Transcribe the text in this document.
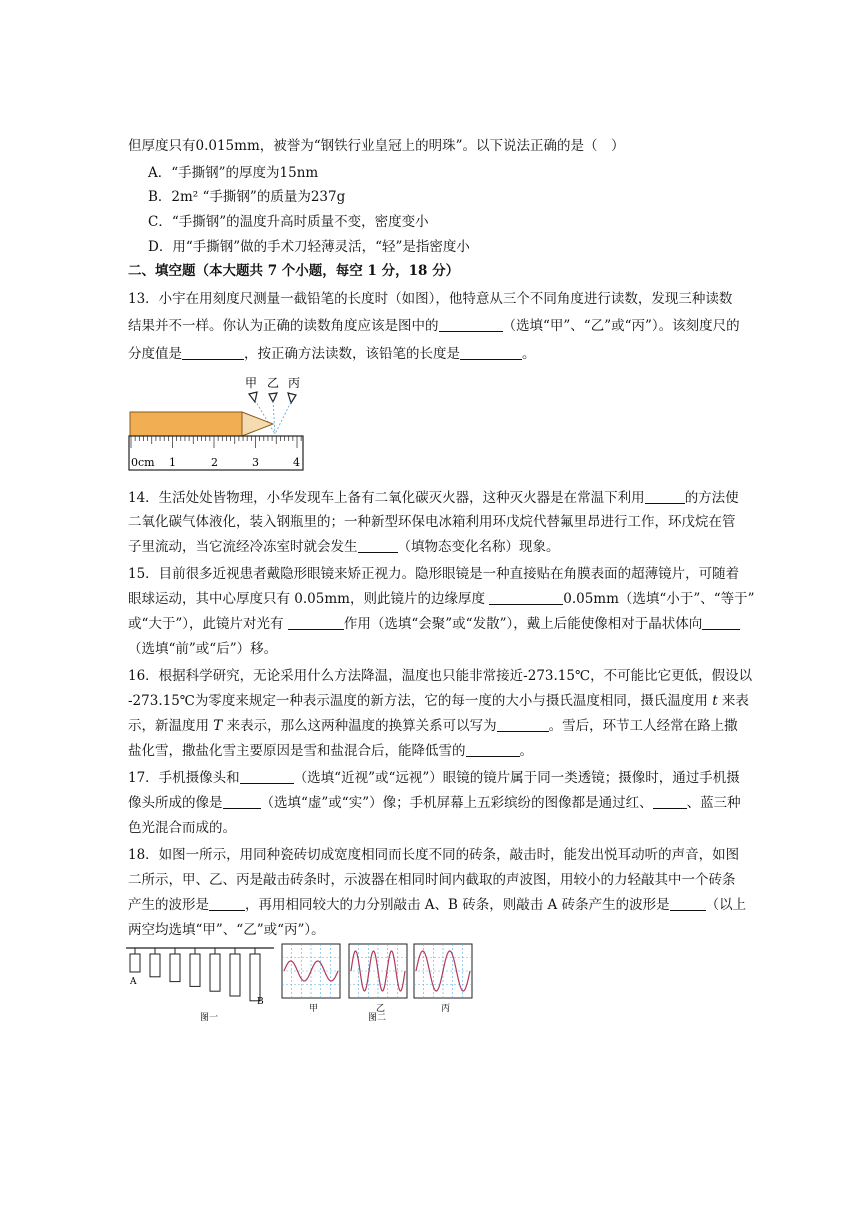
但厚度只有0.015mm，被誉为“钢铁行业皇冠上的明珠”。以下说法正确的是（　）
A．“手撕钢”的厚度为15nm
B．2m² “手撕钢”的质量为237g
C．“手撕钢”的温度升高时质量不变，密度变小
D．用“手撕钢”做的手术刀轻薄灵活，“轻”是指密度小
二、填空题（本大题共 7 个小题，每空 1 分，18 分）
13．小宇在用刻度尺测量一截铅笔的长度时（如图），他特意从三个不同角度进行读数，发现三种读数
结果并不一样。你认为正确的读数角度应该是图中的	（选填“甲”、“乙”或“丙”）。该刻度尺的
分度值是	，按正确方法读数，该铅笔的长度是	。
甲 乙 丙
0cm 1	2	3	4
14．生活处处皆物理，小华发现车上备有二氧化碳灭火器，这种灭火器是在常温下利用	的方法使
二氧化碳气体液化，装入钢瓶里的；一种新型环保电冰箱利用环戊烷代替氟里昂进行工作，环戊烷在管
子里流动，当它流经冷冻室时就会发生	（填物态变化名称）现象。
15．目前很多近视患者戴隐形眼镜来矫正视力。隐形眼镜是一种直接贴在角膜表面的超薄镜片，可随着
眼球运动，其中心厚度只有 0.05mm，则此镜片的边缘厚度	0.05mm（选填“小于”、“等于”
或“大于”），此镜片对光有	作用（选填“会聚”或“发散”），戴上后能使像相对于晶状体向
（选填“前”或“后”）移。
16．根据科学研究，无论采用什么方法降温，温度也只能非常接近-273.15℃，不可能比它更低，假设以
-273.15℃为零度来规定一种表示温度的新方法，它的每一度的大小与摄氏温度相同，摄氏温度用 t 来表
示，新温度用 T 来表示，那么这两种温度的换算关系可以写为	。雪后，环节工人经常在路上撒
盐化雪，撒盐化雪主要原因是雪和盐混合后，能降低雪的	。
17．手机摄像头和	（选填“近视”或“远视”）眼镜的镜片属于同一类透镜；摄像时，通过手机摄
像头所成的像是	（选填“虚”或“实”）像；手机屏幕上五彩缤纷的图像都是通过红、	、蓝三种
色光混合而成的。
18．如图一所示，用同种瓷砖切成宽度相同而长度不同的砖条，敲击时，能发出悦耳动听的声音，如图
二所示，甲、乙、丙是敲击砖条时，示波器在相同时间内截取的声波图，用较小的力轻敲其中一个砖条
产生的波形是	，再用相同较大的力分别敲击 A、B 砖条，则敲击 A 砖条产生的波形是	（以上
两空均选填“甲”、“乙”或“丙”）。
A
B
图一
甲	乙	丙
图二
